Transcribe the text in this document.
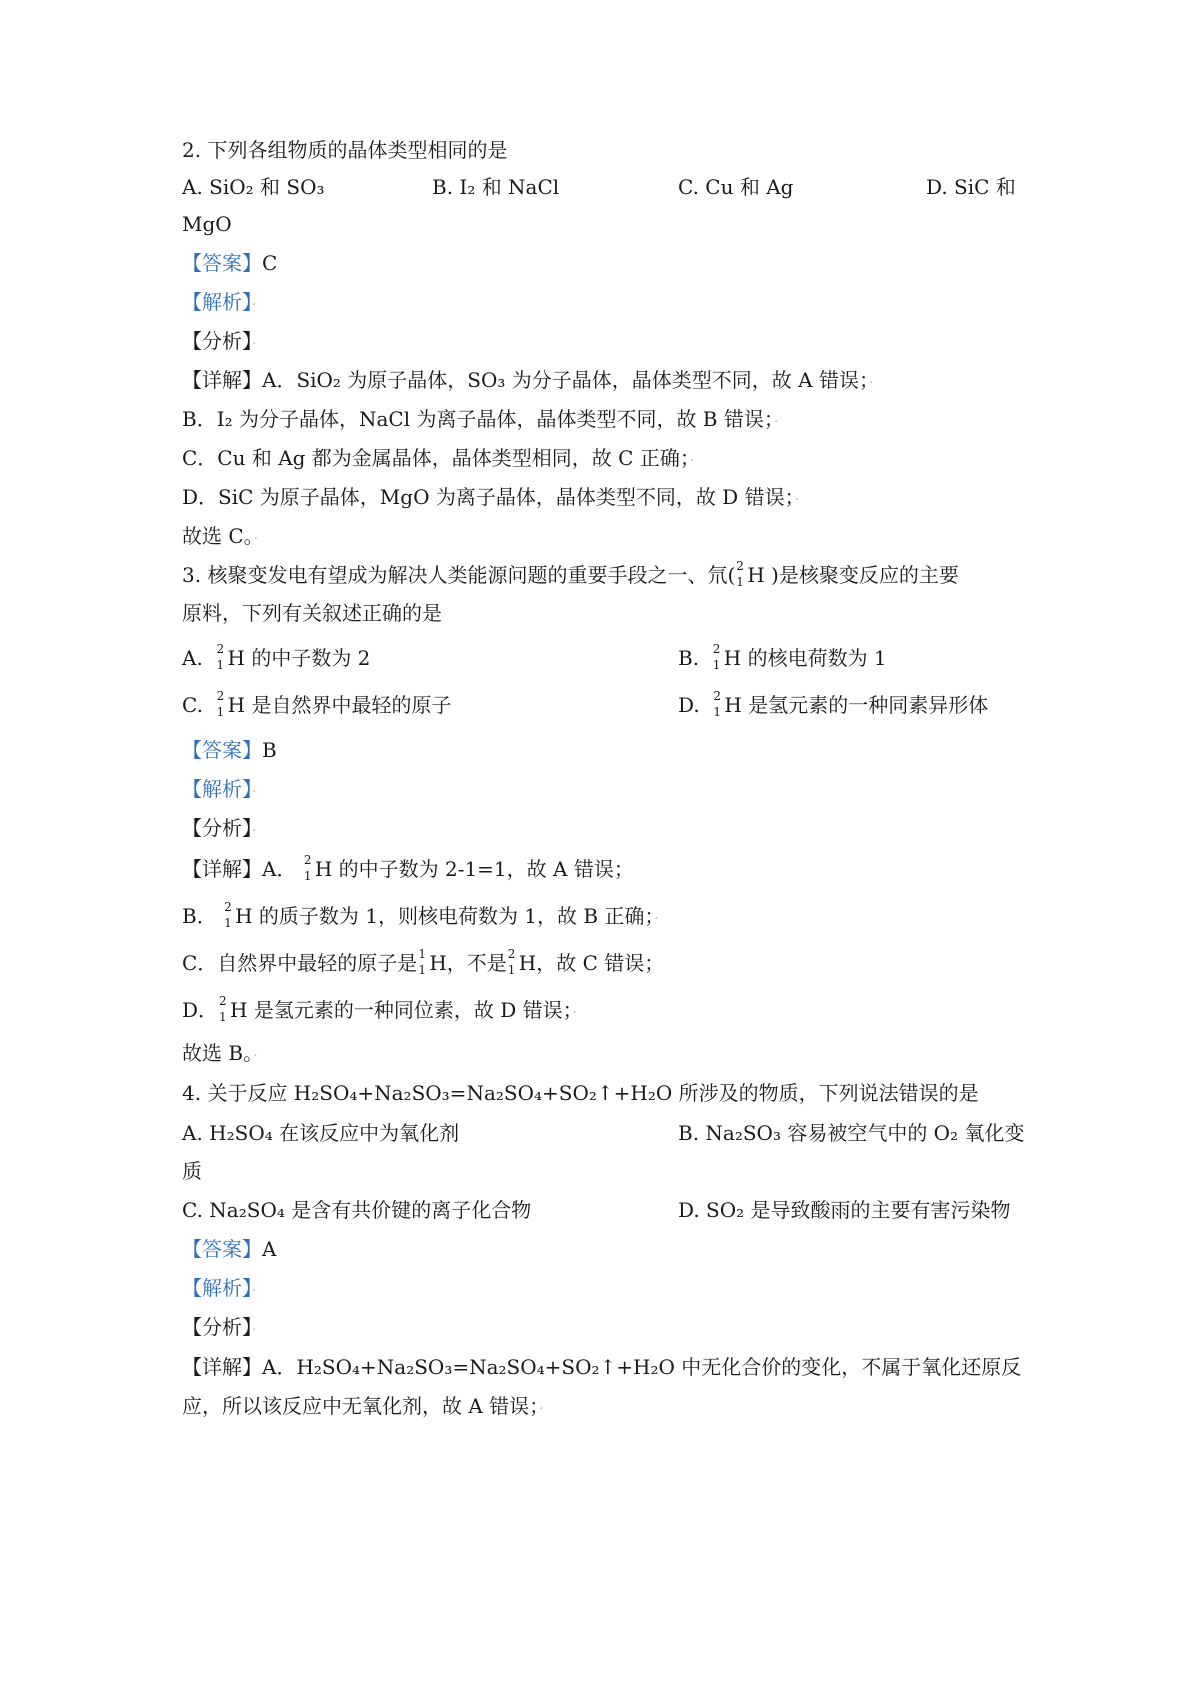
2. 下列各组物质的晶体类型相同的是
A. SiO₂ 和 SO₃	B. I₂ 和 NaCl	C. Cu 和 Ag	D. SiC 和
MgO
【答案】C
【解析】·
【分析】·
【详解】A．SiO₂ 为原子晶体，SO₃ 为分子晶体，晶体类型不同，故 A 错误；·
B．I₂ 为分子晶体，NaCl 为离子晶体，晶体类型不同，故 B 错误；·
C．Cu 和 Ag 都为金属晶体，晶体类型相同，故 C 正确；·
D．SiC 为原子晶体，MgO 为离子晶体，晶体类型不同，故 D 错误；·
故选 C。·
3. 核聚变发电有望成为解决人类能源问题的重要手段之一、氘( 2
1 H )是核聚变反应的主要
原料，下列有关叙述正确的是
A. 2
1 H 的中子数为 2	B. 2
1 H 的核电荷数为 1
C. 2
1 H 是自然界中最轻的原子	D. 2
1 H 是氢元素的一种同素异形体
【答案】B
【解析】·
【分析】·
【详解】A． 2
1 H 的中子数为 2-1=1，故 A 错误；
B． 2
1 H 的质子数为 1，则核电荷数为 1，故 B 正确；·
C．自然界中最轻的原子是 1
1 H，不是 2
1 H，故 C 错误；
D． 2
1 H 是氢元素的一种同位素，故 D 错误；·
故选 B。·
4. 关于反应 H₂SO₄+Na₂SO₃=Na₂SO₄+SO₂↑+H₂O 所涉及的物质，下列说法错误的是
A. H₂SO₄ 在该反应中为氧化剂	B. Na₂SO₃ 容易被空气中的 O₂ 氧化变
质
C. Na₂SO₄ 是含有共价键的离子化合物	D. SO₂ 是导致酸雨的主要有害污染物
【答案】A
【解析】·
【分析】·
【详解】A．H₂SO₄+Na₂SO₃=Na₂SO₄+SO₂↑+H₂O 中无化合价的变化，不属于氧化还原反
应，所以该反应中无氧化剂，故 A 错误；·
